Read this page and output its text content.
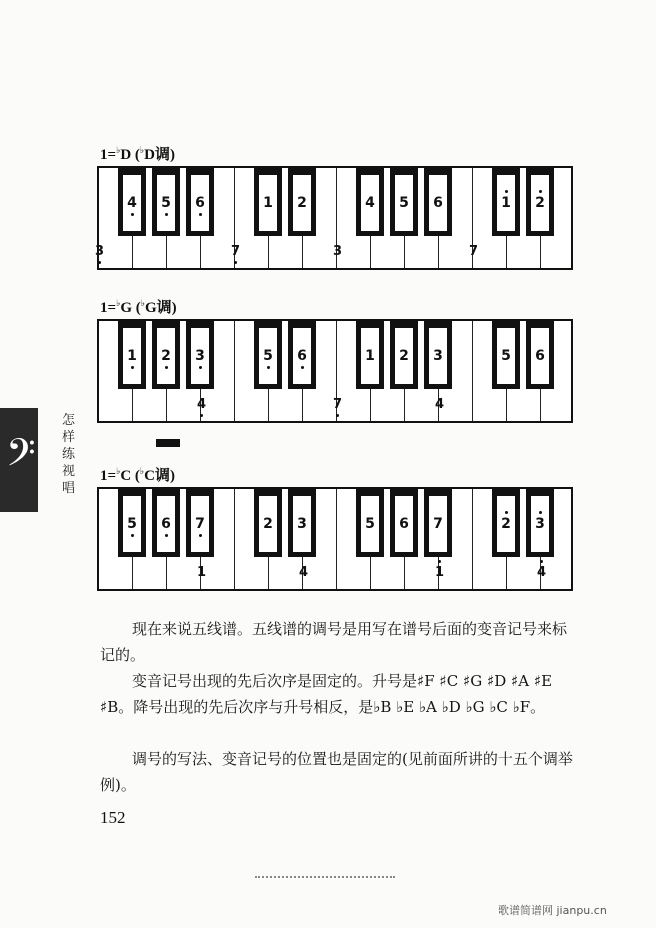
1=♭D (♭D调)
4 5 6	1 2	4 5 6	1 2
3	7	3	7
1=♭G (♭G调)
1 2 3	5 6	1 2 3	5 6
4	7	4
1=♭C (♭C调)
5 6 7	2 3	5 6 7	2 3
1	4	1	4
𝄢
怎样练视唱
现在来说五线谱。五线谱的调号是用写在谱号后面的变音记号来标记的。
变音记号出现的先后次序是固定的。升号是♯F ♯C ♯G ♯D ♯A ♯E ♯B。降号出现的先后次序与升号相反，是♭B ♭E ♭A ♭D ♭G ♭C ♭F。
调号的写法、变音记号的位置也是固定的(见前面所讲的十五个调举例)。
152
歌谱简谱网 jianpu.cn
